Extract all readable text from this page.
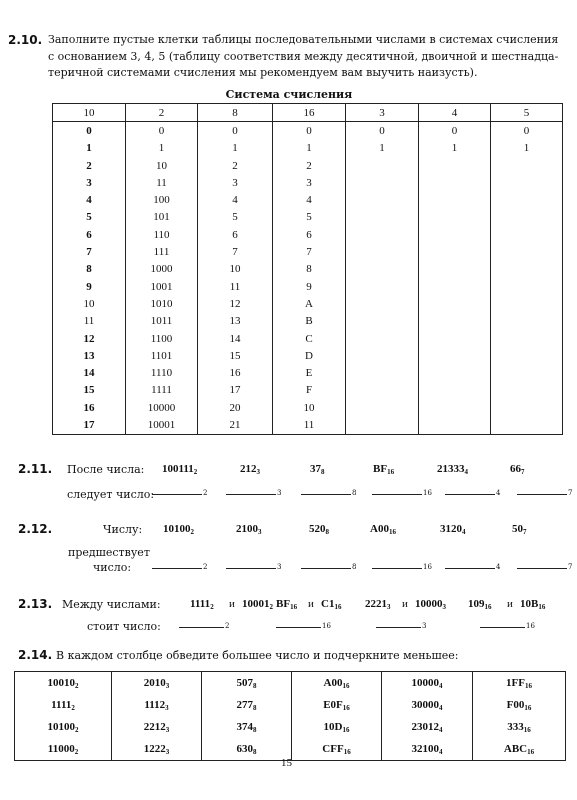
2.10. Заполните пустые клетки таблицы последовательными числами в системах счисления
с основанием 3, 4, 5 (таблицу соответствия между десятичной, двоичной и шестнадца-
теричной системами счисления мы рекомендуем вам выучить наизусть).
Система счисления
10	2	8	16	3	4	5
0	0	0	0	0	0	0
1	1	1	1	1	1	1
2	10	2	2			
3	11	3	3			
4	100	4	4			
5	101	5	5			
6	110	6	6			
7	111	7	7			
8	1000	10	8			
9	1001	11	9			
10	1010	12	A			
11	1011	13	B			
12	1100	14	C			
13	1101	15	D			
14	1110	16	E			
15	1111	17	F			
16	10000	20	10			
17	10001	21	11			
2.11. После числа:
следует число:
$100111_2$	$212_3$	$37_8$	$BF_{16}$	$21333_4$	$66_7$
2	3	8	16	4	7
2.12.	Числу:
предшествует
число:
$10100_2$	$2100_3$	$520_8$	$A00_{16}$	$3120_4$	$50_7$
2	3	8	16	4	7
2.13. Между числами:
стоит число:
$1111_2$ и $10001_2$ $BF_{16}$ и $C1_{16}$ $2221_3$ и $10000_3$ $109_{16}$ и $10B_{16}$
2	16	3	16
2.14. В каждом столбце обведите большее число и подчеркните меньшее:
$10010_2$	$2010_3$	$507_8$	$A00_{16}$	$10000_4$	$1FF_{16}$
$1111_2$	$1112_3$	$277_8$	$E0F_{16}$	$30000_4$	$F00_{16}$
$10100_2$	$2212_3$	$374_8$	$10D_{16}$	$23012_4$	$333_{16}$
$11000_2$	$1222_3$	$630_8$	$CFF_{16}$	$32100_4$	$ABC_{16}$
15
